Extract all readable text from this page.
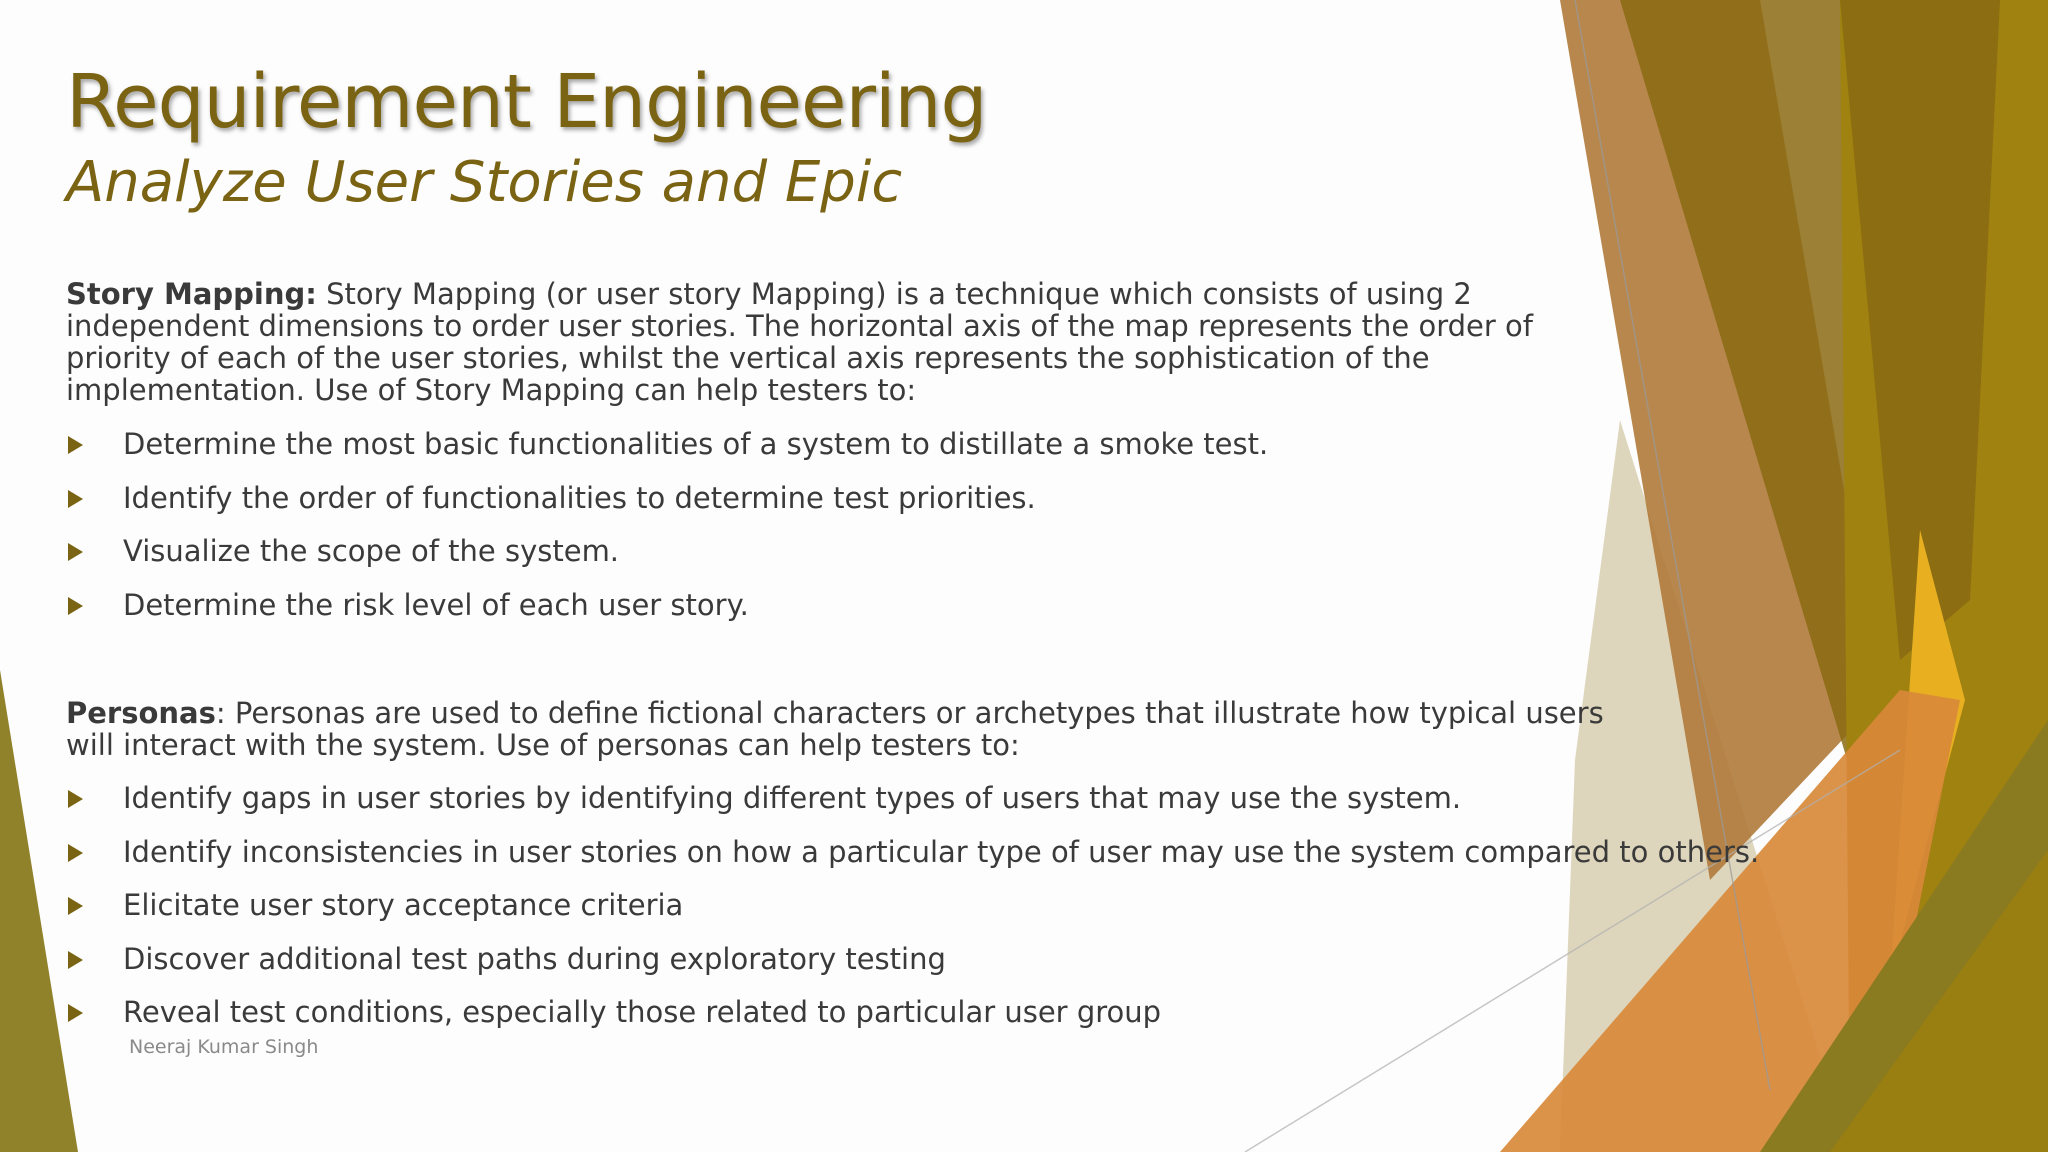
Requirement Engineering
Analyze User Stories and Epic
Story Mapping: Story Mapping (or user story Mapping) is a technique which consists of using 2 independent dimensions to order user stories. The horizontal axis of the map represents the order of priority of each of the user stories, whilst the vertical axis represents the sophistication of the implementation. Use of Story Mapping can help testers to:
Determine the most basic functionalities of a system to distillate a smoke test.
Identify the order of functionalities to determine test priorities.
Visualize the scope of the system.
Determine the risk level of each user story.
Personas: Personas are used to define fictional characters or archetypes that illustrate how typical users will interact with the system. Use of personas can help testers to:
Identify gaps in user stories by identifying different types of users that may use the system.
Identify inconsistencies in user stories on how a particular type of user may use the system compared to others.
Elicitate user story acceptance criteria
Discover additional test paths during exploratory testing
Reveal test conditions, especially those related to particular user group
Neeraj Kumar Singh
